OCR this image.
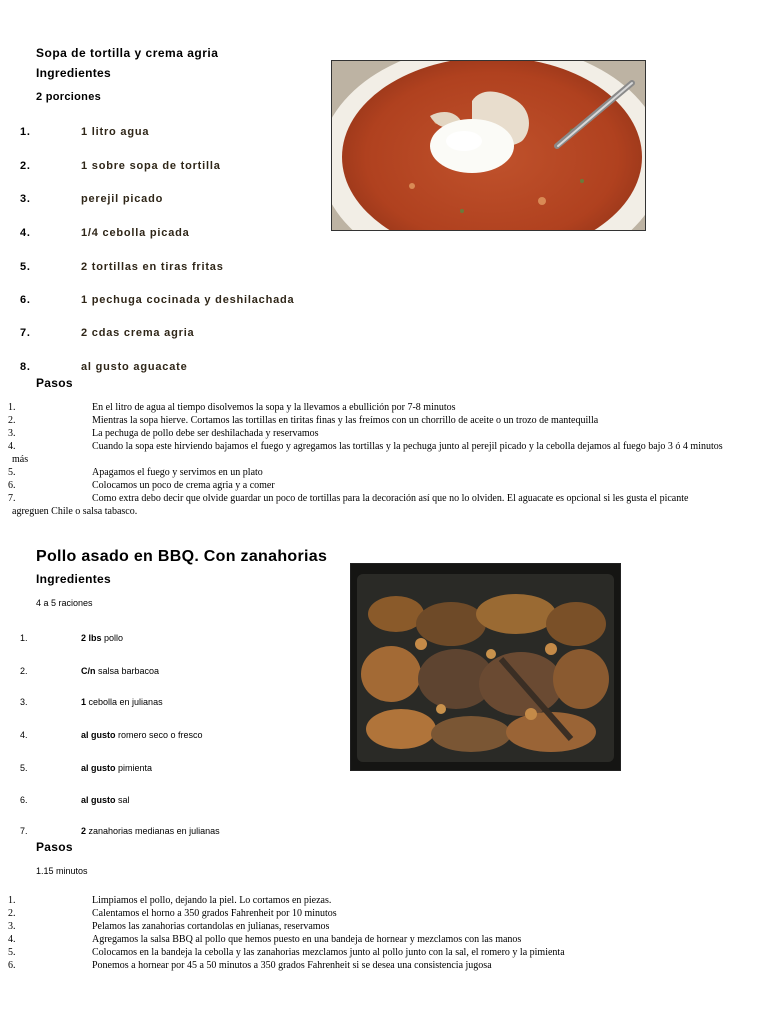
Sopa de tortilla y crema agria
Ingredientes
2 porciones
1.	1 litro agua
2.	1 sobre sopa de tortilla
3.	perejil picado
4.	1/4 cebolla picada
5.	2 tortillas en tiras fritas
6.	1 pechuga cocinada y deshilachada
7.	2 cdas crema agria
8.	al gusto aguacate
Pasos
1.	En el litro de agua al tiempo disolvemos la sopa y la llevamos a ebullición por 7-8 minutos
2.	Mientras la sopa hierve. Cortamos las tortillas en tiritas finas y las freímos con un chorrillo de aceite o un trozo de mantequilla
3.	La pechuga de pollo debe ser deshilachada y reservamos
4.	Cuando la sopa este hirviendo bajamos el fuego y agregamos las tortillas y la pechuga junto al perejil picado y la cebolla dejamos al fuego bajo 3 ó 4 minutos más
5.	Apagamos el fuego y servimos en un plato
6.	Colocamos un poco de crema agria y a comer
7.	Como extra debo decir que olvide guardar un poco de tortillas para la decoración así que no lo olviden. El aguacate es opcional si les gusta el picante agreguen Chile o salsa tabasco.
Pollo asado en BBQ. Con zanahorias
Ingredientes
4 a 5 raciones
1.	2 lbs pollo
2.	C/n salsa barbacoa
3.	1 cebolla en julianas
4.	al gusto romero seco o fresco
5.	al gusto pimienta
6.	al gusto sal
7.	2 zanahorias medianas en julianas
Pasos
1.15 minutos
1.	Limpiamos el pollo, dejando la piel. Lo cortamos en piezas.
2.	Calentamos el horno a 350 grados Fahrenheit por 10 minutos
3.	Pelamos las zanahorias cortandolas en julianas, reservamos
4.	Agregamos la salsa BBQ al pollo que hemos puesto en una bandeja de hornear y mezclamos con las manos
5.	Colocamos en la bandeja la cebolla y las zanahorias mezclamos junto al pollo junto con la sal, el romero y la pimienta
6.	Ponemos a hornear por 45 a 50 minutos a 350 grados Fahrenheit si se desea una consistencia jugosa
